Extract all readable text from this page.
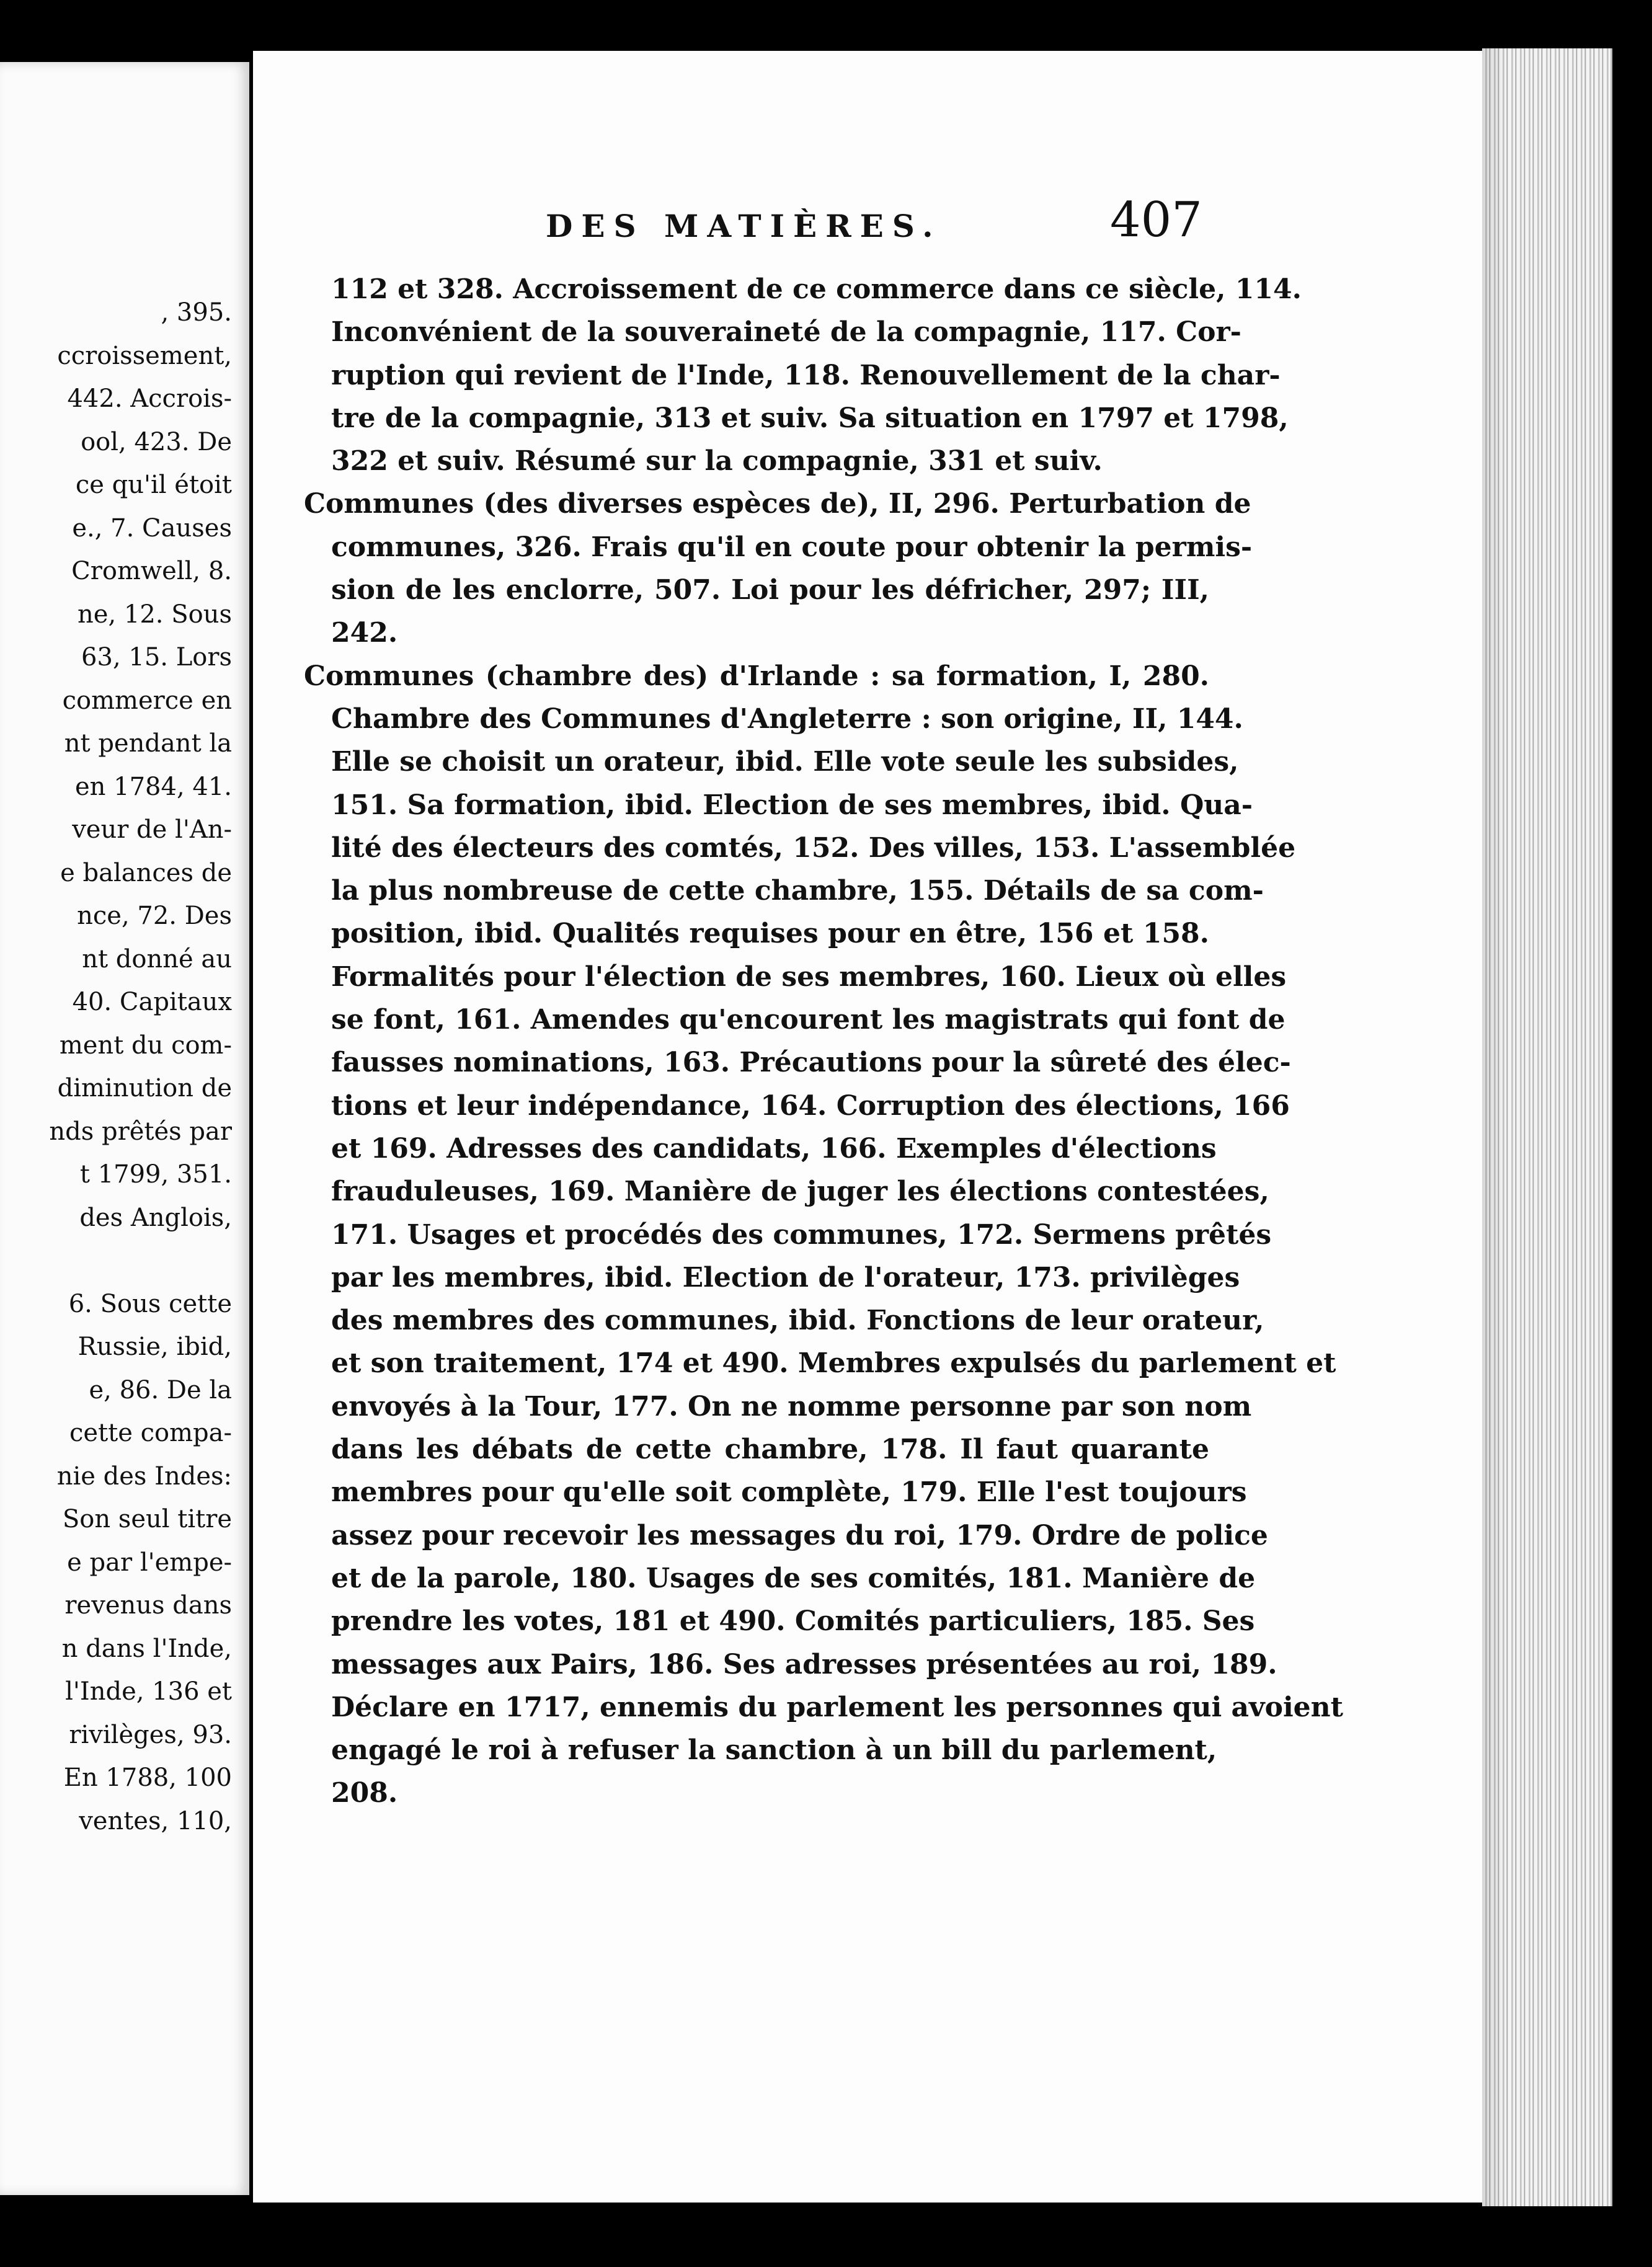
, 395.
ccroissement,
442. Accrois-
ool, 423. De
ce qu'il étoit
e., 7. Causes
Cromwell, 8.
ne, 12. Sous
63, 15. Lors
commerce en
nt pendant la
en 1784, 41.
veur de l'An-
e balances de
nce, 72. Des
nt donné au
40. Capitaux
ment du com-
diminution de
nds prêtés par
t 1799, 351.
des Anglois,
6. Sous cette
Russie, ibid,
e, 86. De la
cette compa-
nie des Indes:
Son seul titre
e par l'empe-
revenus dans
n dans l'Inde,
l'Inde, 136 et
rivilèges, 93.
En 1788, 100
ventes, 110,
DES MATIÈRES.	407
112 et 328. Accroissement de ce commerce dans ce siècle, 114.
Inconvénient de la souveraineté de la compagnie, 117. Cor-
ruption qui revient de l'Inde, 118. Renouvellement de la char-
tre de la compagnie, 313 et suiv. Sa situation en 1797 et 1798,
322 et suiv. Résumé sur la compagnie, 331 et suiv.
Communes (des diverses espèces de), II, 296. Perturbation de
communes, 326. Frais qu'il en coute pour obtenir la permis-
sion de les enclorre, 507. Loi pour les défricher, 297; III,
242.
Communes (chambre des) d'Irlande : sa formation, I, 280.
Chambre des Communes d'Angleterre : son origine, II, 144.
Elle se choisit un orateur, ibid. Elle vote seule les subsides,
151. Sa formation, ibid. Election de ses membres, ibid. Qua-
lité des électeurs des comtés, 152. Des villes, 153. L'assemblée
la plus nombreuse de cette chambre, 155. Détails de sa com-
position, ibid. Qualités requises pour en être, 156 et 158.
Formalités pour l'élection de ses membres, 160. Lieux où elles
se font, 161. Amendes qu'encourent les magistrats qui font de
fausses nominations, 163. Précautions pour la sûreté des élec-
tions et leur indépendance, 164. Corruption des élections, 166
et 169. Adresses des candidats, 166. Exemples d'élections
frauduleuses, 169. Manière de juger les élections contestées,
171. Usages et procédés des communes, 172. Sermens prêtés
par les membres, ibid. Election de l'orateur, 173. privilèges
des membres des communes, ibid. Fonctions de leur orateur,
et son traitement, 174 et 490. Membres expulsés du parlement et
envoyés à la Tour, 177. On ne nomme personne par son nom
dans les débats de cette chambre, 178. Il faut quarante
membres pour qu'elle soit complète, 179. Elle l'est toujours
assez pour recevoir les messages du roi, 179. Ordre de police
et de la parole, 180. Usages de ses comités, 181. Manière de
prendre les votes, 181 et 490. Comités particuliers, 185. Ses
messages aux Pairs, 186. Ses adresses présentées au roi, 189.
Déclare en 1717, ennemis du parlement les personnes qui avoient
engagé le roi à refuser la sanction à un bill du parlement,
208.
